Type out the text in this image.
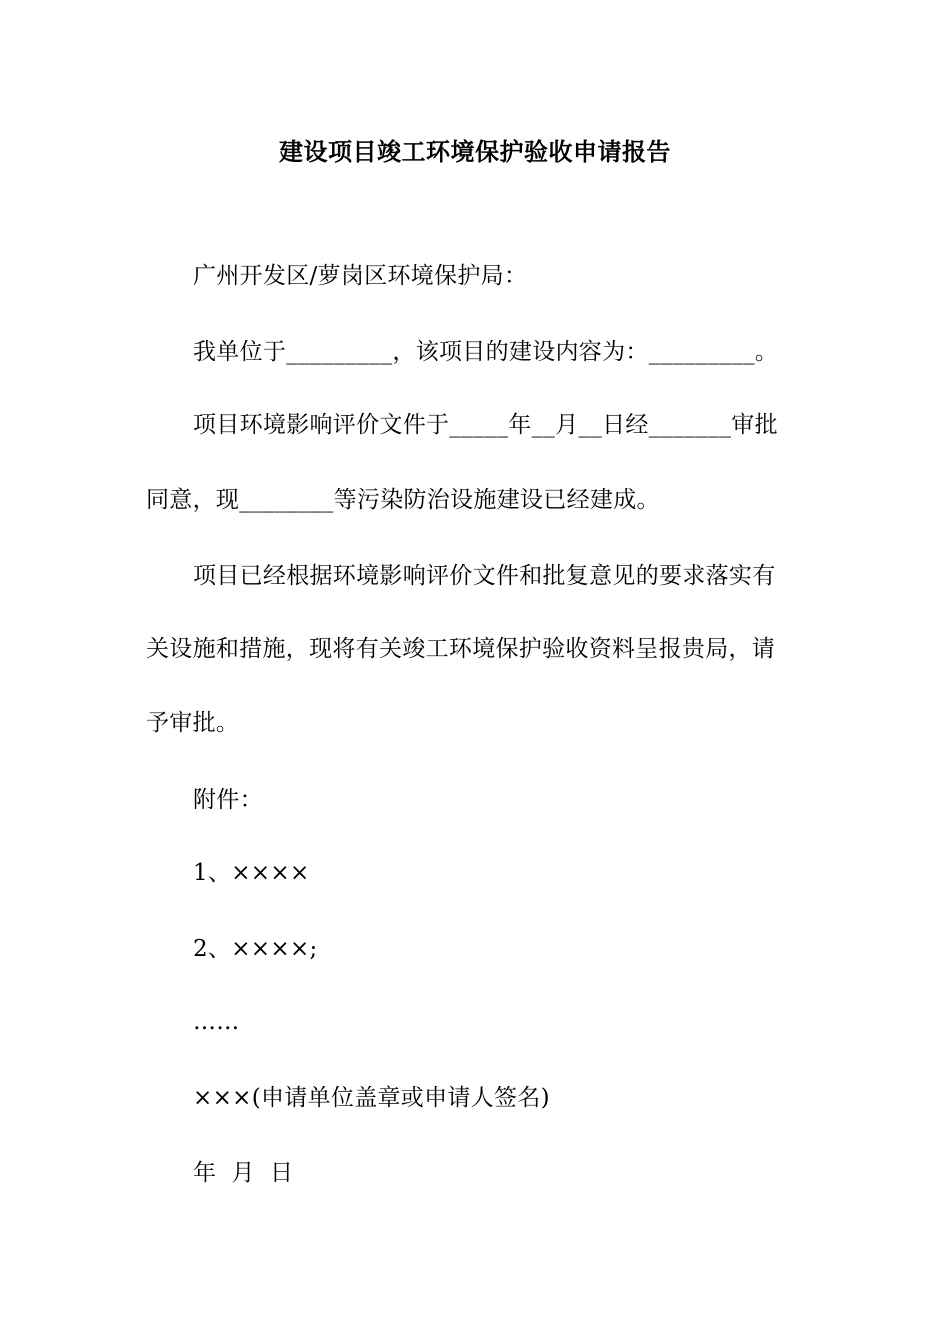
建设项目竣工环境保护验收申请报告
广州开发区/萝岗区环境保护局：
我单位于_________，该项目的建设内容为：_________。
项目环境影响评价文件于_____年__月__日经_______审批
同意，现________等污染防治设施建设已经建成。
项目已经根据环境影响评价文件和批复意见的要求落实有
关设施和措施，现将有关竣工环境保护验收资料呈报贵局，请
予审批。
附件：
1、××××
2、××××;
……
×××(申请单位盖章或申请人签名)
年  月  日
